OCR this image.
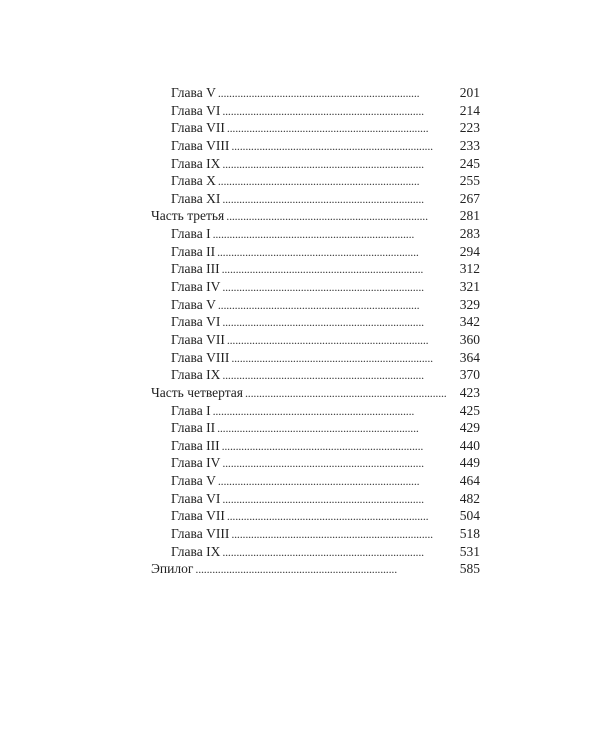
Глава V . . .	201
Глава VI . . .	214
Глава VII . . .	223
Глава VIII . . .	233
Глава IX . . .	245
Глава X . . .	255
Глава XI . . .	267
Часть третья . . .	281
Глава I . . .	283
Глава II . . .	294
Глава III . . .	312
Глава IV . . .	321
Глава V . . .	329
Глава VI . . .	342
Глава VII . . .	360
Глава VIII . . .	364
Глава IX . . .	370
Часть четвертая . . .	423
Глава I . . .	425
Глава II . . .	429
Глава III . . .	440
Глава IV . . .	449
Глава V . . .	464
Глава VI . . .	482
Глава VII . . .	504
Глава VIII . . .	518
Глава IX . . .	531
Эпилог . . .	585
